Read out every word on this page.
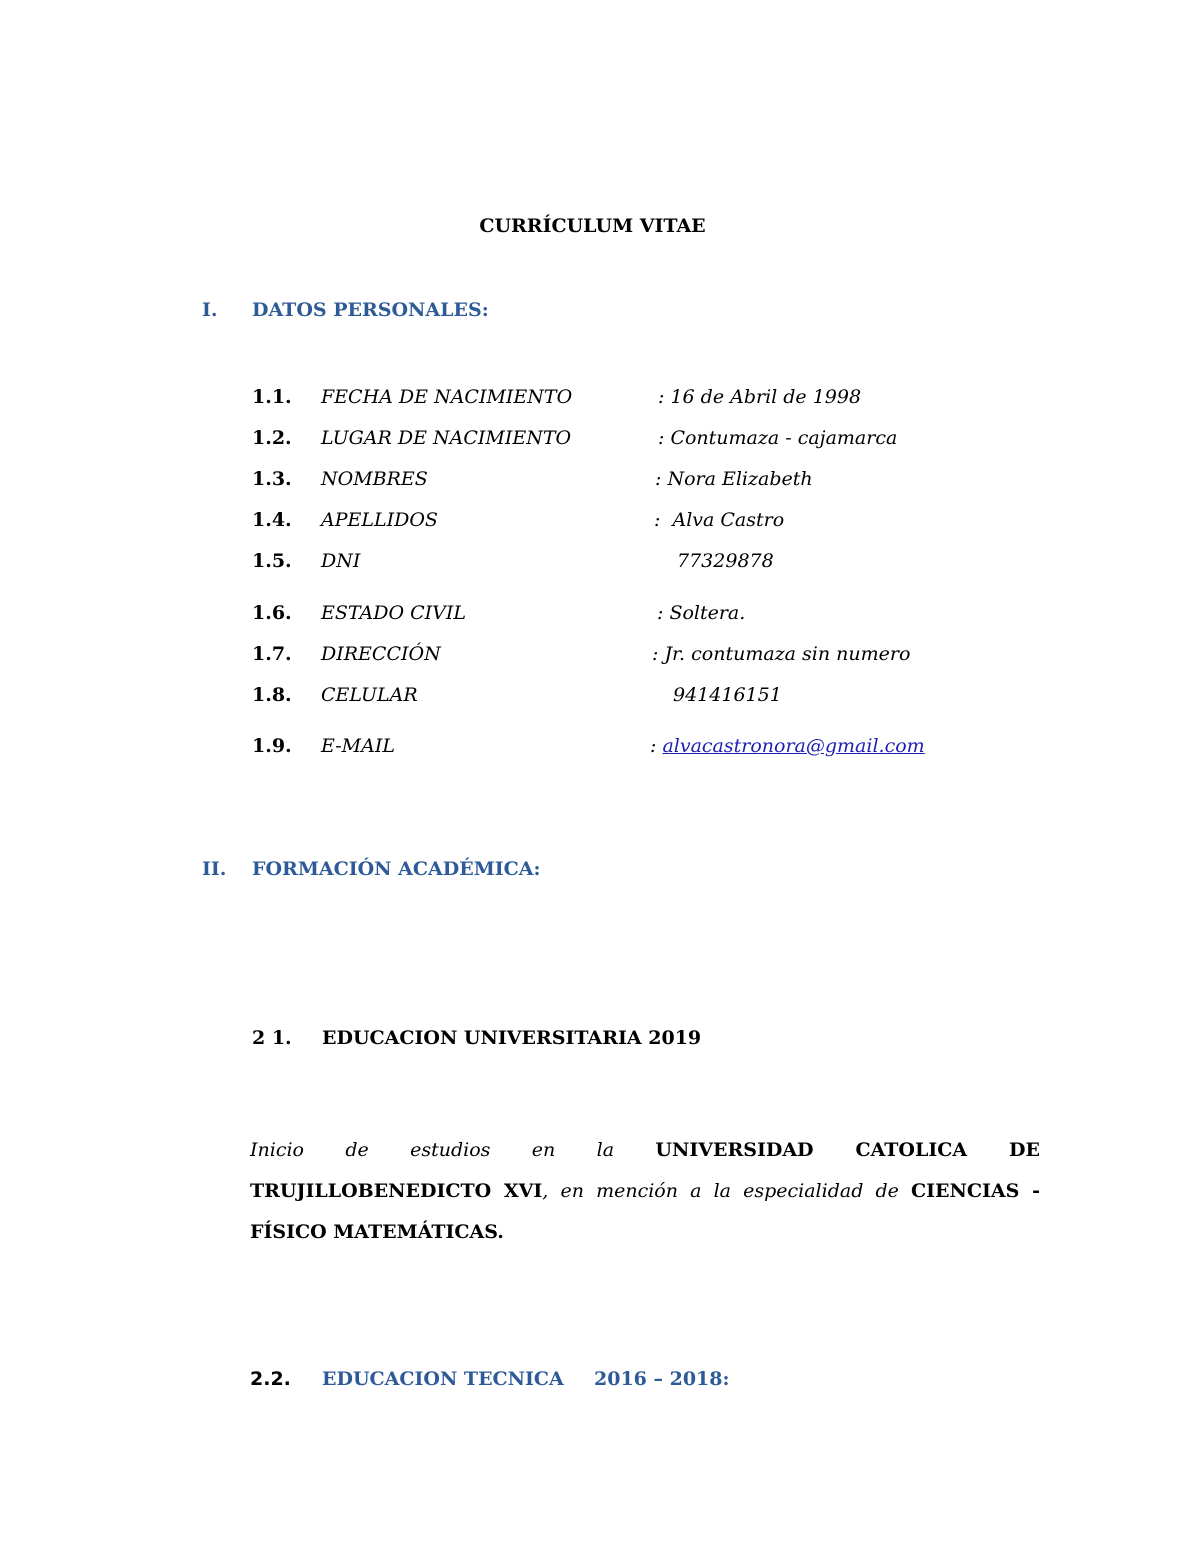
CURRÍCULUM VITAE
I. DATOS PERSONALES:
1.1. FECHA DE NACIMIENTO	: 16 de Abril de 1998
1.2. LUGAR DE NACIMIENTO	: Contumaza - cajamarca
1.3. NOMBRES	: Nora Elizabeth
1.4. APELLIDOS	:  Alva Castro
1.5. DNI	77329878
1.6. ESTADO CIVIL	: Soltera.
1.7. DIRECCIÓN	: Jr. contumaza sin numero
1.8. CELULAR	941416151
1.9. E-MAIL	: alvacastronora@gmail.com
II. FORMACIÓN ACADÉMICA:
2 1. EDUCACION UNIVERSITARIA 2019
Inicio de estudios en la UNIVERSIDAD CATOLICA DE TRUJILLOBENEDICTO XVI, en mención a la especialidad de CIENCIAS - FÍSICO MATEMÁTICAS.
2.2. EDUCACION TECNICA 2016 – 2018:
